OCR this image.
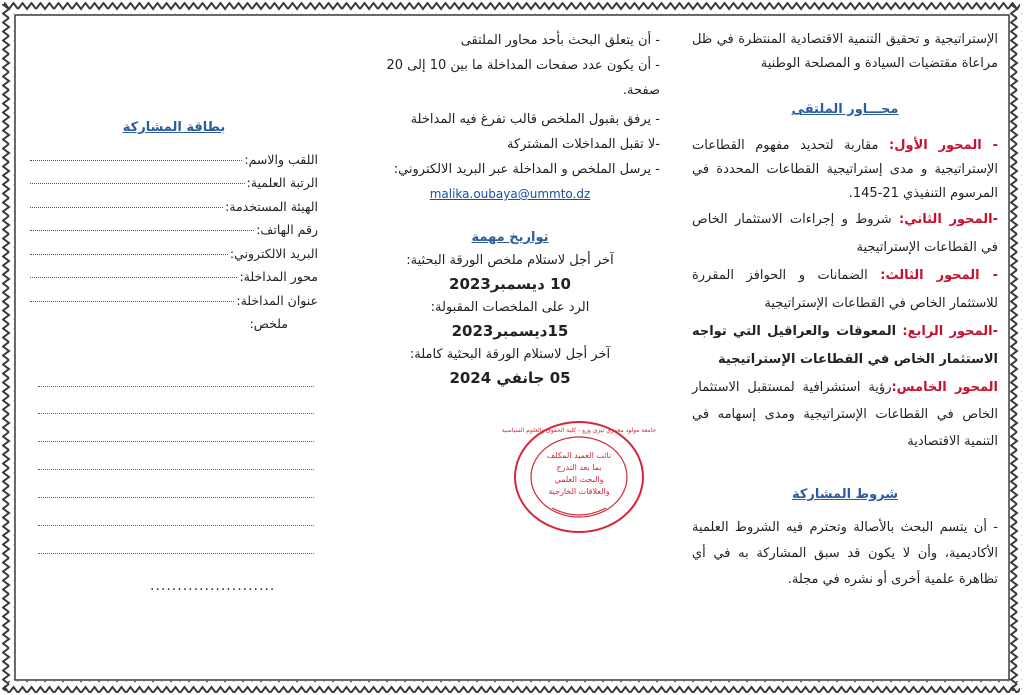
الإستراتيجية و تحقيق التنمية الاقتصادية المنتظرة في ظل مراعاة مقتضيات السيادة و المصلحة الوطنية
محـــاور الملتقى
- المحور الأول: مقاربة لتحديد مفهوم القطاعات الإستراتيجية و مدى إستراتيجية القطاعات المحددة في المرسوم التنفيذي 21-145.
-المحور الثاني: شروط و إجراءات الاستثمار الخاص في القطاعات الإستراتيجية
- المحور الثالث: الضمانات و الحوافز المقررة للاستثمار الخاص في القطاعات الإستراتيجية
-المحور الرابع: المعوقات والعراقيل التي تواجه الاستثمار الخاص في القطاعات الإستراتيجية
المحور الخامس:رؤية استشرافية لمستقبل الاستثمار الخاص في القطاعات الإستراتيجية ومدى إسهامه في التنمية الاقتصادية
شروط المشاركة
- أن يتسم البحث بالأصالة وتحترم فيه الشروط العلمية الأكاديمية، وأن لا يكون قد سبق المشاركة به في أي تظاهرة علمية أخرى أو نشره في مجلة.
- أن يتعلق البحث بأحد محاور الملتقى
- أن يكون عدد صفحات المداخلة ما بين 10 إلى 20 صفحة.
- يرفق بقبول الملخص قالب تفرغ فيه المداخلة
-لا تقبل المداخلات المشتركة
- يرسل الملخص و المداخلة عبر البريد الالكتروني:
malika.oubaya@ummto.dz
تواريخ مهمة
آخر أجل لاستلام ملخص الورقة البحثية:
10 ديسمبر2023
الرد على الملخصات المقبولة:
15ديسمبر2023
آخر أجل لاستلام الورقة البحثية كاملة:
05 جانفي 2024
جامعة مولود معمري تيزي وزو - كلية الحقوق والعلوم السياسية
نائب العميد المكلف
بما بعد التدرج
والبحث العلمي
والعلاقات الخارجية
بطاقة المشاركة
اللقب والاسم:
الرتبة العلمية:
الهيئة المستخدمة:
رقم الهاتف:
البريد الالكتروني:
محور المداخلة:
عنوان المداخلة:
ملخص:
.......................
